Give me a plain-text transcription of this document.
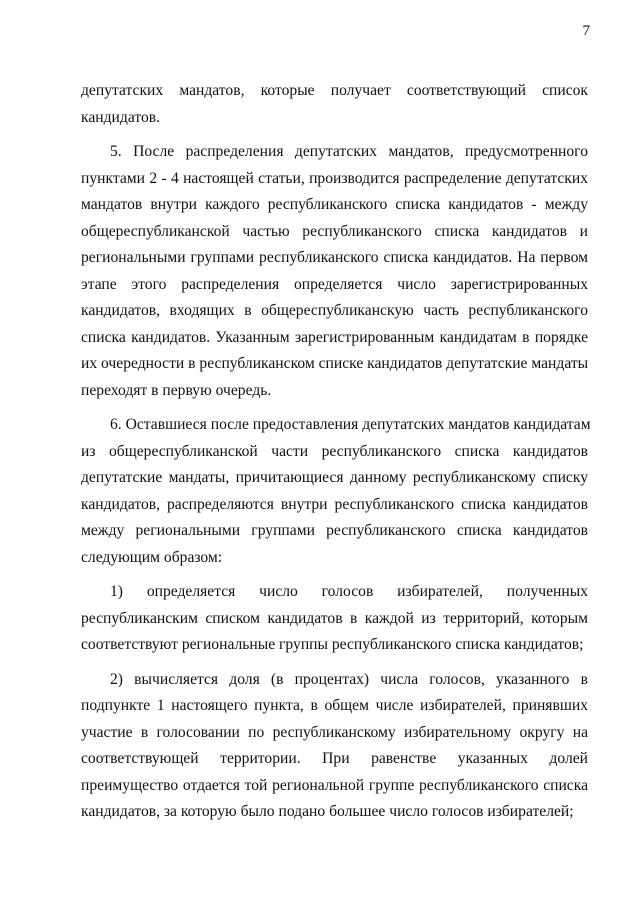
7
депутатских мандатов, которые получает соответствующий список
кандидатов.
5. После распределения депутатских мандатов, предусмотренного
пунктами 2 - 4 настоящей статьи, производится распределение депутатских
мандатов внутри каждого республиканского списка кандидатов - между
общереспубликанской частью республиканского списка кандидатов и
региональными группами республиканского списка кандидатов. На первом
этапе этого распределения определяется число зарегистрированных
кандидатов, входящих в общереспубликанскую часть республиканского
списка кандидатов. Указанным зарегистрированным кандидатам в порядке
их очередности в республиканском списке кандидатов депутатские мандаты
переходят в первую очередь.
6. Оставшиеся после предоставления депутатских мандатов кандидатам
из общереспубликанской части республиканского списка кандидатов
депутатские мандаты, причитающиеся данному республиканскому списку
кандидатов, распределяются внутри республиканского списка кандидатов
между региональными группами республиканского списка кандидатов
следующим образом:
1) определяется число голосов избирателей, полученных
республиканским списком кандидатов в каждой из территорий, которым
соответствуют региональные группы республиканского списка кандидатов;
2) вычисляется доля (в процентах) числа голосов, указанного в
подпункте 1 настоящего пункта, в общем числе избирателей, принявших
участие в голосовании по республиканскому избирательному округу на
соответствующей территории. При равенстве указанных долей
преимущество отдается той региональной группе республиканского списка
кандидатов, за которую было подано большее число голосов избирателей;
